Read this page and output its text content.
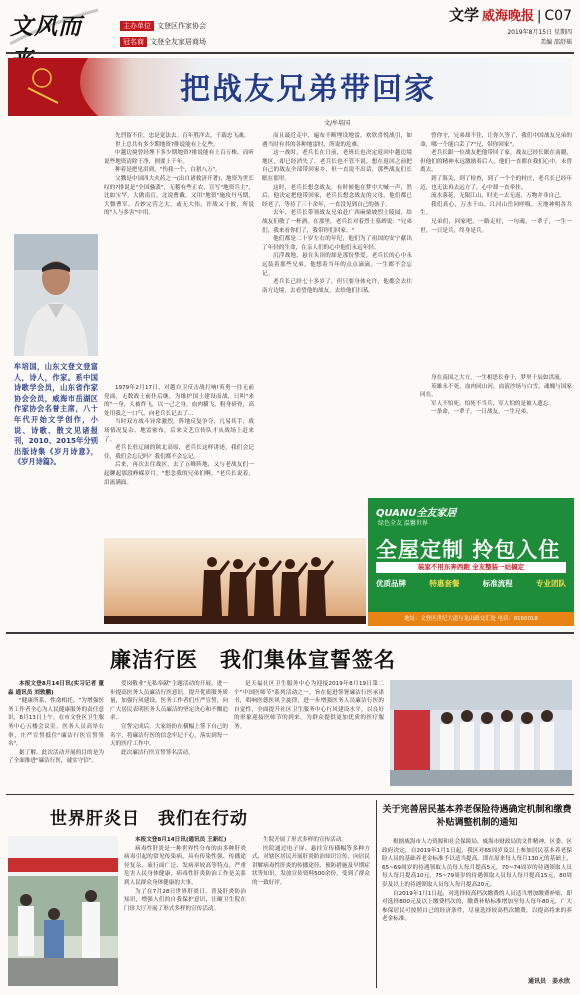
文风而	主办单位 文登区作家协会
冠名商 文登全友家居商场
文学 威海晚报 | C07
2019年8月15日 星期四
美编 邵舒瑶
把战友兄弟带回家
文/牟培国
牟培国，山东文登文登富人，诗人，作家。系中国诗歌学会员，山东省作家协会会员，威海市岳湖区作家协会名誉主席，八十年代开始文学创作，小说、诗歌、散文见诸报刊，2010、2015年分别出版诗集《岁月诗意》，《岁月诗篇》。

先烈留不住，忠是觉法去。百年胜洋去，千载忠飞魂。

世上总共有多少期地资?排说能有上亿些。

中越边境曾经埋下多少期地资?排说能有上百万株。而听说些地资清除干净，则要上千年。

种着是把见泪到，"伤我一个，白猎八万"。

父戮是中国四大火药之一(出自诸救济开著)，地资为世长叹的?排说是"全国骚袭"，无稽有些正农，宣写"地资兵主"，比如宝罕，大做南宣，北说曹戴，又用"地资"施攻丹马期，大微曹军，否妙完营之大，或无大伟，许战又于彼，所说的"人与多害"中用。

1979年2月17日，对越自卫反击战打响!英勇一往无前党面，无数战士前仆后继，为维护国土建设而战，只叫"来的"一身，人被炸飞，以一己之身，血肉横飞、粉身碎骨，高处用我之一口气，向老兵长记去了...

当时双方战斗异常激烈，阵地反复争夺，几易其手，战场情况复杂、地雷密布，后来文艺宣传队才从战场上赶来了。

老兵长驻辽阔的陕北高原，老兵长这样讲述，我们会记住，我们会忘记吗？我们都不会忘记。

后来，再次去往战区，去了五峰阵地，又与老战友们一起聊起那段峥嵘岁月，"想念我的兄弟们啊。"老兵长说着，泪流满面。

而且最近走中，遍布不断埋设地雷，欢欣喜悦战引，如遇当时有其的各种地雷时，所说的危难。

这一战时，老兵长在日前，老班长也决定返回中越边境地区，却已经消失了，老兵长也不管不说，想在返回之前把自己的战友全部带回家乡，但一直说不出话，那些战友们长眠在那里。

这时，老兵长想念战友，有时候他在梦中大喊一声，然后，他决定把他带回家，老兵长想念战友的父母，他们都已经老了，等待了三十余年，一直没见到自己的孩子。

去年，老兵长带领战友兄弟赴广西麻栗坡烈士陵园，给战友们敬了一杯酒。在那里，老兵长对着烈士墓碑说："兄弟们，我来看你们了，我带你们回家。"

他们都是二十岁左右的年纪，他们为了祖国的安宁献出了年轻的生命，在亲人们的心中他们永远年轻。

沉浮战地，悬在头顶的却是那份挚爱。老兵长的心中永远装着那些兄弟，他想着当年的点点滴滴，一生都不会忘记。

老兵长已经七十多岁了，但只要身体允许，他都会去往南方边境，去看望他的战友，去给他们扫墓。

曾你守，兄弟却不住，让你久等了，我们中国战友兄弟的命，哪一个能白丢了?"兄，带你回家"。

老兵长跟一位战友把他带回了家，战友已经长眠在南疆，但他们的精神永远激励着后人，他们一直都在我们心中，未曾离去。

到了海关，到了检查，到了一个个的村庄，老兵长已经年迈，也无法再去远方了，心中却一直牵挂。

流水落花，无限江山，时光一去无返，万物并非自己。

我们真心，万水千山，江河山岳同呼吸，天地神明各共生。

兄弟们，回家吧，一路走好，一句魂，一辈子，一生一世，一日是兵，终身是兵。

身在南国之大方，一生相思长眷于，梦里千辰如洪流。

英雄永不死，血肉同山河，血液沙场与白雪，魂魄与国家同在。

军人不怕死，怕死不当兵，军人怕的是被人遗忘。

一条命，一辈子，一日战友，一生兄弟。

QUANU全友家居
绿色全友 温馨世界
全屋定制 拎包入住
装家不用东奔西跑 全友整装一站搞定
优质品牌	特惠套餐	标准流程	专业团队
地址：文登区世纪大道与龙山路交汇处 电话：8160018
廉洁行医　我们集体宣誓签名

本报文登8月14日讯(实习记者 董淼 通讯员 刘敦鹏)

"健康所系，性命相托。"为增强医务工作者全心为人民健康服务的责任意识，8月13日上午，在市文登区卫生服务中心五楼会议室，医务人员高举右拳，庄严宣誓抵住"廉洁行医宣誓签名"。

据了解，此次活动开展的目的是为了全面推进"廉洁行医，诚实守信"。

爱岗敬业"无私奉献"主题活动的开展，进一步提高医务人员廉洁行医意识，提升优质服务质量，加强行风建设，医务工作者们庄严宣誓，向广大居民表明医务人员廉洁的坚定决心和不懈追求。

宣誓完成后，大家纷纷在横幅上签下自己的名字，将廉洁行医的信念牢记于心，落实到每一天的医疗工作中。

此次廉洁行医宣誓签名活动，

是天福社区卫生服务中心为迎接2019年8月19日第二个"中国医师节"系列活动之一，旨在促进签署廉洁行医承诺书，唱响医德医风主旋律，进一步增强医务人员廉洁行医的自觉性，全面提升社区卫生服务中心行风建设水平，以良好的形象迎接医师节的到来，为群众提供更加优质的医疗服务。

世界肝炎日　我们在行动

本报文登8月14日讯(通讯员 王新红)

病毒性肝炎是一种世界性分布的由多种肝炎病毒引起的常见传染病，具有传染性强、传播途径复杂、流行面广泛、发病率较高等特点。严重危害人民身体健康，病毒性肝炎防治工作是关系到人民群众身体健康的大事。

为了在7月28日世界肝炎日，普及肝炎防治知识，增强人们的自我保护意识，汪疃卫生院在门诊大厅开展了形式多样的宣传活动。

生院开展了形式多样的宣传活动。

医院通过电子屏、悬挂宣传横幅等多种方式，对辖区居民开展肝炎防治知识宣传，向居民讲解病毒性肝炎的传播途径、预防措施及早期症状等知识，发放宣传资料500余份，受到了群众的一致好评。

关于完善居民基本养老保险待遇确定机制和缴费补贴调整机制的通知

根据威海市人力资源和社会保障局、威海市财政局的文件精神，区委、区政府决定，自2019年1月1日起，我区对65周岁及以上参加居民基本养老保险人员的基础养老金标准予以适当提高。即在原来每人每月130元的基础上，65~69周岁的待遇领取人员每人每月提高5元，70~74周岁的待遇领取人员每人每月提高10元，75~79周岁的待遇领取人员每人每月提高15元，80周岁及以上的待遇领取人员每人每月提高20元。

自2019年1月1日起，对选择较高档次缴费的人员适当增加缴费补贴，即对选择800元及以上缴费档次的，缴费补贴标准增加至每人每年80元，广大参保居民可按照自己的经济条件，尽量选择较高档次缴费，以提高将来的养老金标准。

通讯员　姜永欣
